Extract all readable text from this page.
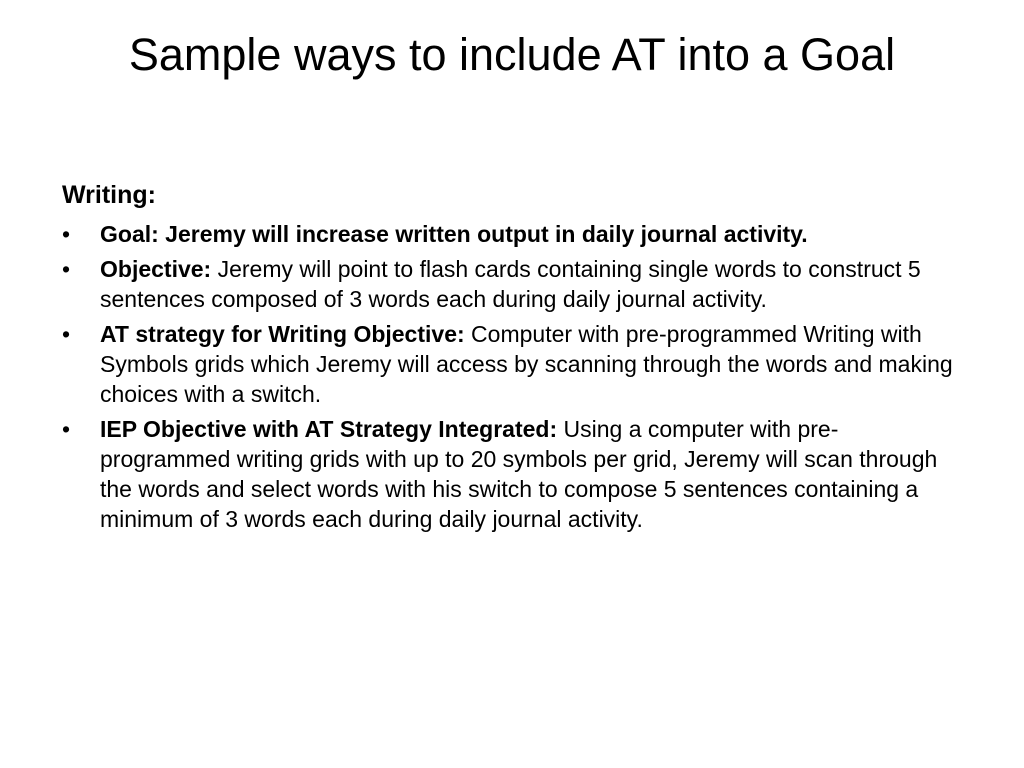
Sample ways to include AT into a Goal
Writing:
•	Goal: Jeremy will increase written output in daily journal activity.
•	Objective: Jeremy will point to flash cards containing single words to construct 5 sentences composed of 3 words each during daily journal activity.
•	AT strategy for Writing Objective: Computer with pre-programmed Writing with Symbols grids which Jeremy will access by scanning through the words and making choices with a switch.
•	IEP Objective with AT Strategy Integrated: Using a computer with pre-programmed writing grids with up to 20 symbols per grid, Jeremy will scan through the words and select words with his switch to compose 5 sentences containing a minimum of 3 words each during daily journal activity.
